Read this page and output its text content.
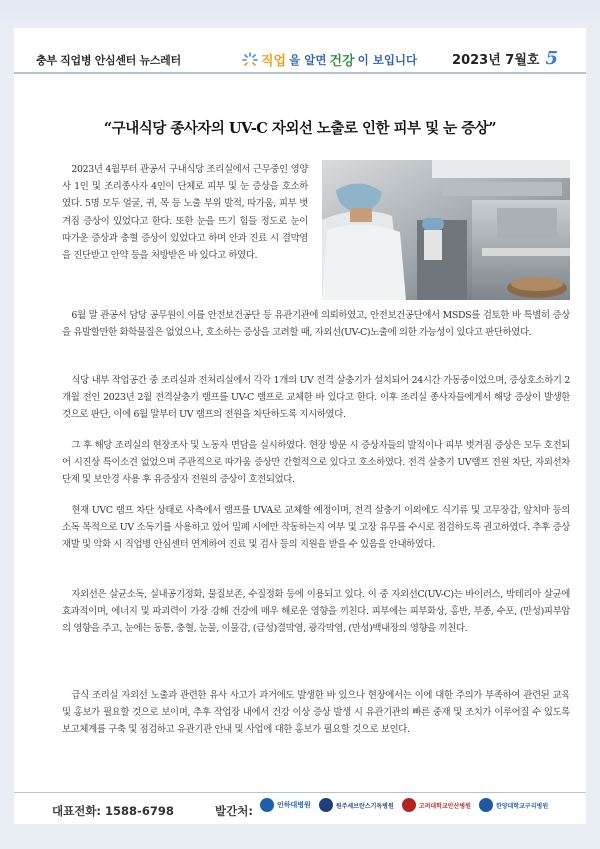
충부 직업병 안심센터 뉴스레터	직업 을 알면 건강 이 보입니다	2023년 7월호 5
“구내식당 종사자의 UV-C 자외선 노출로 인한 피부 및 눈 증상”
2023년 4월부터 관공서 구내식당 조리실에서 근무중인 영양사 1인 및 조리종사자 4인이 단체로 피부 및 눈 증상을 호소하였다. 5명 모두 얼굴, 귀, 목 등 노출 부위 발적, 따가움, 피부 벗겨짐 증상이 있었다고 한다. 또한 눈을 뜨기 힘들 정도로 눈이 따가운 증상과 충혈 증상이 있었다고 하며 안과 진료 시 결막염을 진단받고 안약 등을 처방받은 바 있다고 하였다.
6월 말 관공서 담당 공무원이 이를 안전보건공단 등 유관기관에 의뢰하였고, 안전보건공단에서 MSDS를 검토한 바 특별히 증상을 유발할만한 화학물질은 없었으나, 호소하는 증상을 고려할 때, 자외선(UV-C)노출에 의한 가능성이 있다고 판단하였다.
식당 내부 작업공간 중 조리실과 전처리실에서 각각 1개의 UV 전격 살충기가 설치되어 24시간 가동중이었으며, 증상호소하기 2개월 전인 2023년 2월 전격살충기 램프를 UV-C 램프로 교체한 바 있다고 한다. 이후 조리실 종사자들에게서 해당 증상이 발생한 것으로 판단, 이에 6월 말부터 UV 램프의 전원을 차단하도록 지시하였다.
그 후 해당 조리실의 현장조사 및 노동자 면담을 실시하였다. 현장 방문 시 증상자들의 발적이나 피부 벗겨짐 증상은 모두 호전되어 시진상 특이소견 없었으며 주관적으로 따가움 증상만 간헐적으로 있다고 호소하였다. 전격 살충기 UV램프 전원 차단, 자외선차단제 및 보안경 사용 후 유증상자 전원의 증상이 호전되었다.
현재 UVC 램프 차단 상태로 사측에서 램프를 UVA로 교체할 예정이며, 전격 살충기 이외에도 식기류 및 고무장갑, 앞치마 등의 소독 목적으로 UV 소독기를 사용하고 있어 밀폐 시에만 작동하는지 여부 및 고장 유무를 수시로 점검하도록 권고하였다. 추후 증상 재발 및 악화 시 직업병 안심센터 연계하여 진료 및 검사 등의 지원을 받을 수 있음을 안내하였다.
자외선은 살균소독, 실내공기정화, 물질보존, 수질정화 등에 이용되고 있다. 이 중 자외선C(UV-C)는 바이러스, 박테리아 살균에 효과적이며, 에너지 및 파괴력이 가장 강해 건강에 매우 해로운 영향을 끼친다. 피부에는 피부화상, 홍반, 부종, 수포, (만성)피부암의 영향을 주고, 눈에는 동통, 충혈, 눈물, 이물감, (급성)결막염, 광각막염, (만성)백내장의 영향을 끼친다.
급식 조리실 자외선 노출과 관련한 유사 사고가 과거에도 발생한 바 있으나 현장에서는 이에 대한 주의가 부족하여 관련된 교육 및 홍보가 필요할 것으로 보이며, 추후 작업장 내에서 건강 이상 증상 발생 시 유관기관의 빠른 중재 및 조치가 이루어질 수 있도록 보고체계를 구축 및 점검하고 유관기관 안내 및 사업에 대한 홍보가 필요할 것으로 보인다.
대표전화: 1588-6798	발간처:	인하대병원	원주세브란스기독병원	고려대학교안산병원	한양대학교구리병원
